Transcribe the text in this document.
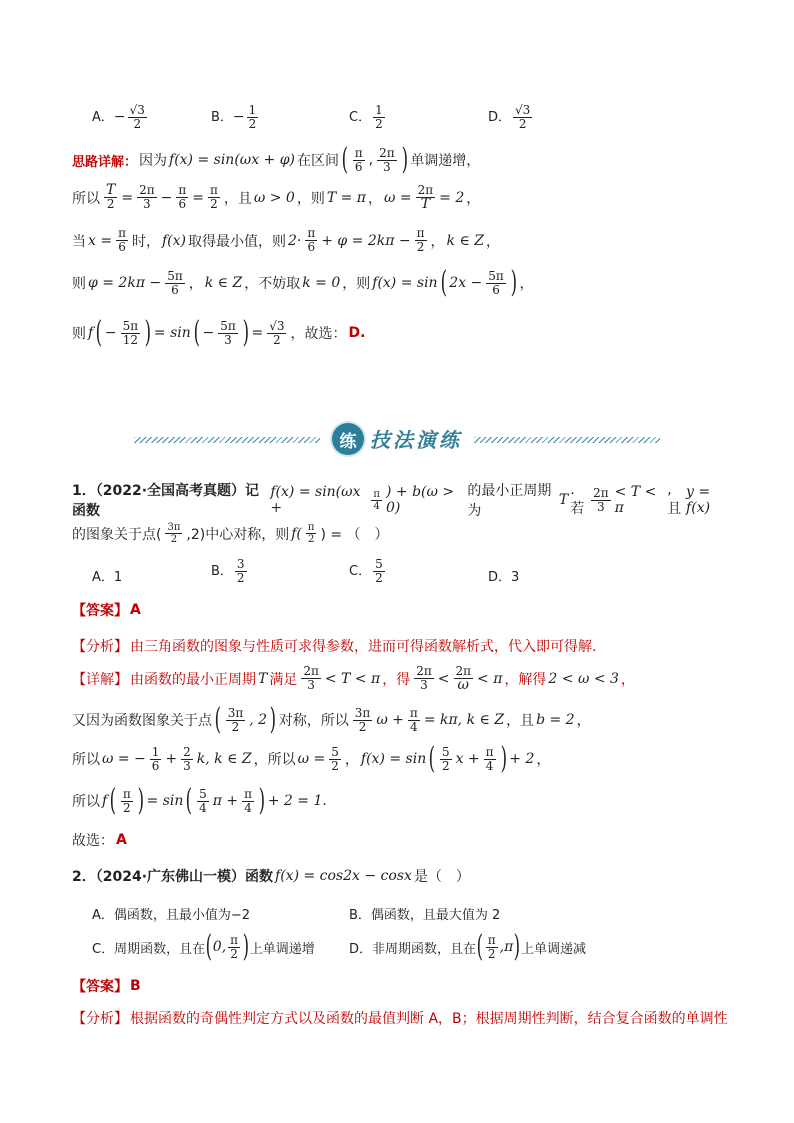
A．− $\frac{√3}{2}$	B．− $\frac{1}{2}$	C． $\frac{1}{2}$	D． $\frac{√3}{2}$
思路详解： 因为 f(x) = sin(ωx + φ) 在区间 ( $\frac{\pi}{6}$ , $\frac{2\pi}{3}$ ) 单调递增，
所以 $\frac{T}{2} = \frac{2\pi}{3} - \frac{\pi}{6} = \frac{\pi}{2}$ ，且 ω > 0 ，则 T = π ， $\omega = \frac{2\pi}{T} = 2$ ，
当 $x = \frac{\pi}{6}$ 时， f(x) 取得最小值，则 $2\cdot \frac{\pi}{6} + \varphi = 2k\pi - \frac{\pi}{2}$ ， k ∈ Z ，
则 $\varphi = 2k\pi - \frac{5\pi}{6}$ ， k ∈ Z ，不妨取 k = 0 ，则 f(x) = sin ( $2x - \frac{5\pi}{6}$ ) ，
则 f ( − $\frac{5\pi}{12}$ ) = sin ( − $\frac{5\pi}{3}$ ) = $\frac{√3}{2}$ ，故选： D.
练 技法演练
1．（2022·全国高考真题）记函数
f(x) = sin(ωx +	$\frac{\pi}{4}$ ) + b(ω > 0)
的最小正周期为
T
.若 $\frac{2\pi}{3} < T < \pi$
,且
y = f(x)
的图象关于点( $\frac{3\pi}{2} ,2$)中心对称，则 $f( \frac{\pi}{2}$ ) = （　）
A．1	B． $\frac{3}{2}$	C． $\frac{5}{2}$	D．3
【答案】 A
【分析】 由三角函数的图象与性质可求得参数，进而可得函数解析式，代入即可得解.
【详解】 由函数的最小正周期 T 满足 $\frac{2\pi}{3} < T < \pi$ ，得 $\frac{2\pi}{3} < \frac{2\pi}{\omega} < \pi$ ，解得 2 < ω < 3 ，
又因为函数图象关于点 ( $\frac{3\pi}{2}$ , 2 ) 对称，所以 $\frac{3\pi}{2}$ $\omega + \frac{\pi}{4} = k\pi$, k ∈ Z ，且 b = 2 ，
所以 ω = − $\frac{1}{6} + \frac{2}{3} k$, k ∈ Z ，所以 $\omega = \frac{5}{2}$ ， f(x) = sin ( $\frac{5}{2}$ $x + \frac{\pi}{4}$ ) + 2 ，
所以 f ( $\frac{\pi}{2}$ ) = sin ( $\frac{5}{4}$ $\pi + \frac{\pi}{4}$ ) + 2 = 1.
故选： A
2．（2024·广东佛山一模）函数 f(x) = cos2x − cosx 是（　）
A．偶函数，且最小值为−2	B．偶函数，且最大值为 2
C．周期函数，且在 ( 0, $\frac{\pi}{2}$ ) 上单调递增	D．非周期函数，且在 ( $\frac{\pi}{2} ,\pi$ ) 上单调递减
【答案】 B
【分析】 根据函数的奇偶性判定方式以及函数的最值判断 A，B；根据周期性判断，结合复合函数的单调性
